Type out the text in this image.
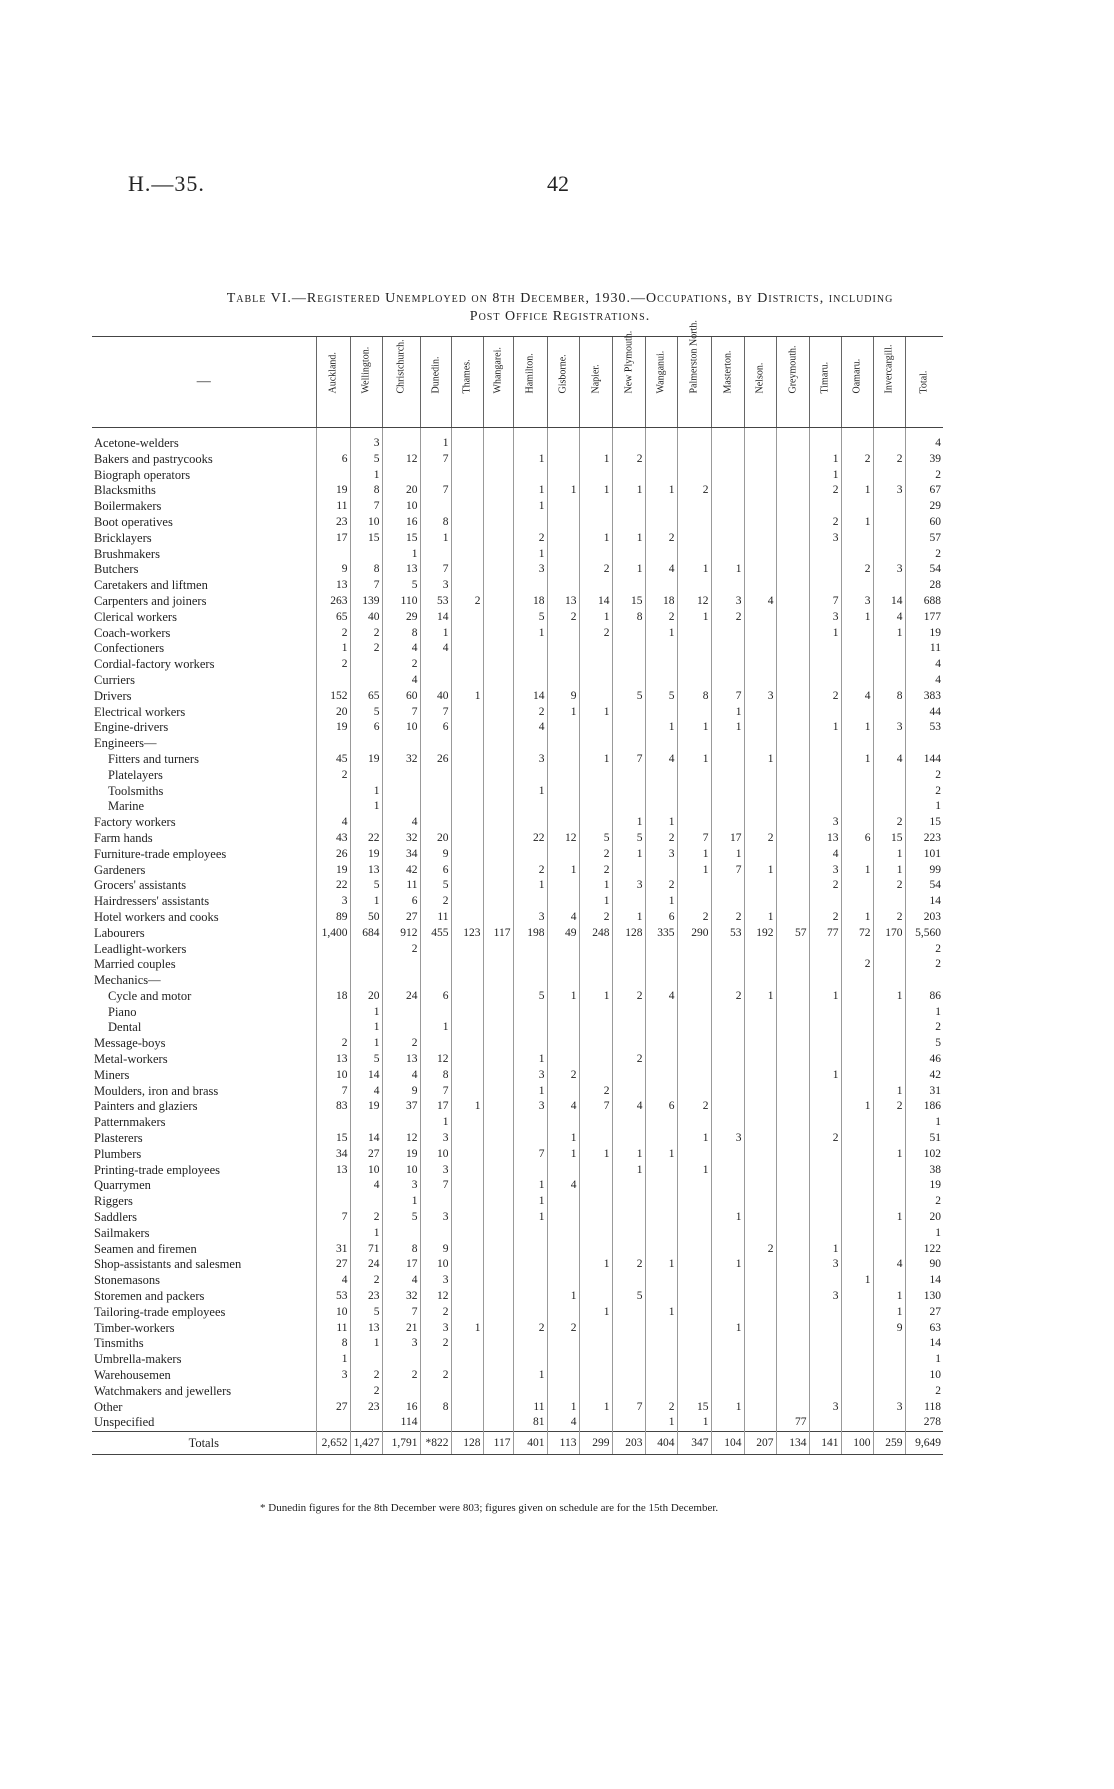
H.—35.	42
Table VI.—Registered Unemployed on 8th December, 1930.—Occupations, by Districts, including
Post Office Registrations.
—	Auckland.	Wellington.	Christchurch.	Dunedin.	Thames.	Whangarei.	Hamilton.	Gisborne.	Napier.	New Plymouth.	Wanganui.	Palmerston North.	Masterton.	Nelson.	Greymouth.	Timaru.	Oamaru.	Invercargill.	Total.

Acetone-welders		3		1															4
Bakers and pastrycooks	6	5	12	7			1		1	2						1	2	2	39
Biograph operators		1														1			2
Blacksmiths	19	8	20	7			1	1	1	1	1	2				2	1	3	67
Boilermakers	11	7	10				1												29
Boot operatives	23	10	16	8												2	1		60
Bricklayers	17	15	15	1			2		1	1	2					3			57
Brushmakers			1				1												2
Butchers	9	8	13	7			3		2	1	4	1	1				2	3	54
Caretakers and liftmen	13	7	5	3															28
Carpenters and joiners	263	139	110	53	2		18	13	14	15	18	12	3	4		7	3	14	688
Clerical workers	65	40	29	14			5	2	1	8	2	1	2			3	1	4	177
Coach-workers	2	2	8	1			1		2		1					1		1	19
Confectioners	1	2	4	4															11
Cordial-factory workers	2		2																4
Curriers			4																4
Drivers	152	65	60	40	1		14	9		5	5	8	7	3		2	4	8	383
Electrical workers	20	5	7	7			2	1	1				1						44
Engine-drivers	19	6	10	6			4				1	1	1			1	1	3	53
Engineers—																			
Fitters and turners	45	19	32	26			3		1	7	4	1		1			1	4	144
Platelayers	2																		2
Toolsmiths		1					1												2
Marine		1																	1
Factory workers	4		4							1	1					3		2	15
Farm hands	43	22	32	20			22	12	5	5	2	7	17	2		13	6	15	223
Furniture-trade employees	26	19	34	9					2	1	3	1	1			4		1	101
Gardeners	19	13	42	6			2	1	2			1	7	1		3	1	1	99
Grocers' assistants	22	5	11	5			1		1	3	2					2		2	54
Hairdressers' assistants	3	1	6	2					1		1								14
Hotel workers and cooks	89	50	27	11			3	4	2	1	6	2	2	1		2	1	2	203
Labourers	1,400	684	912	455	123	117	198	49	248	128	335	290	53	192	57	77	72	170	5,560
Leadlight-workers			2																2
Married couples																	2		2
Mechanics—																			
Cycle and motor	18	20	24	6			5	1	1	2	4		2	1		1		1	86
Piano		1																	1
Dental		1		1															2
Message-boys	2	1	2																5
Metal-workers	13	5	13	12			1			2									46
Miners	10	14	4	8			3	2								1			42
Moulders, iron and brass	7	4	9	7			1		2									1	31
Painters and glaziers	83	19	37	17	1		3	4	7	4	6	2					1	2	186
Patternmakers				1															1
Plasterers	15	14	12	3				1				1	3			2			51
Plumbers	34	27	19	10			7	1	1	1	1							1	102
Printing-trade employees	13	10	10	3						1		1							38
Quarrymen		4	3	7			1	4											19
Riggers			1				1												2
Saddlers	7	2	5	3			1						1					1	20
Sailmakers		1																	1
Seamen and firemen	31	71	8	9										2		1			122
Shop-assistants and salesmen	27	24	17	10					1	2	1		1			3		4	90
Stonemasons	4	2	4	3													1		14
Storemen and packers	53	23	32	12				1		5						3		1	130
Tailoring-trade employees	10	5	7	2					1		1							1	27
Timber-workers	11	13	21	3	1		2	2					1					9	63
Tinsmiths	8	1	3	2															14
Umbrella-makers	1																		1
Warehousemen	3	2	2	2			1												10
Watchmakers and jewellers		2																	2
Other	27	23	16	8			11	1	1	7	2	15	1			3		3	118
Unspecified			114				81	4			1	1			77				278
Totals	2,652	1,427	1,791	*822	128	117	401	113	299	203	404	347	104	207	134	141	100	259	9,649
* Dunedin figures for the 8th December were 803; figures given on schedule are for the 15th December.
